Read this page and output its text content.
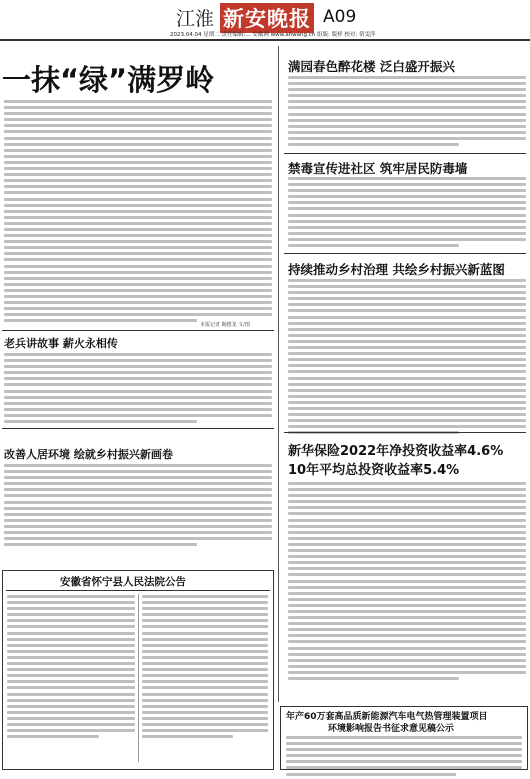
江淮 新安晚报 A09
2023.04.04 星期二 责任编辑:... 安徽网 www.ahwang.cn 组版: 版样 校对: 倩雯萍
一抹“绿”满罗岭
本报记者 陶德龙 文/图
满园春色醉花楼 泛白盛开振兴
禁毒宣传进社区 筑牢居民防毒墙
持续推动乡村治理 共绘乡村振兴新蓝图
新华保险2022年净投资收益率4.6%
10年平均总投资收益率5.4%
老兵讲故事 薪火永相传
改善人居环境 绘就乡村振兴新画卷
安徽省怀宁县人民法院公告
年产60万套高品质新能源汽车电气热管理装置项目
环境影响报告书征求意见稿公示
